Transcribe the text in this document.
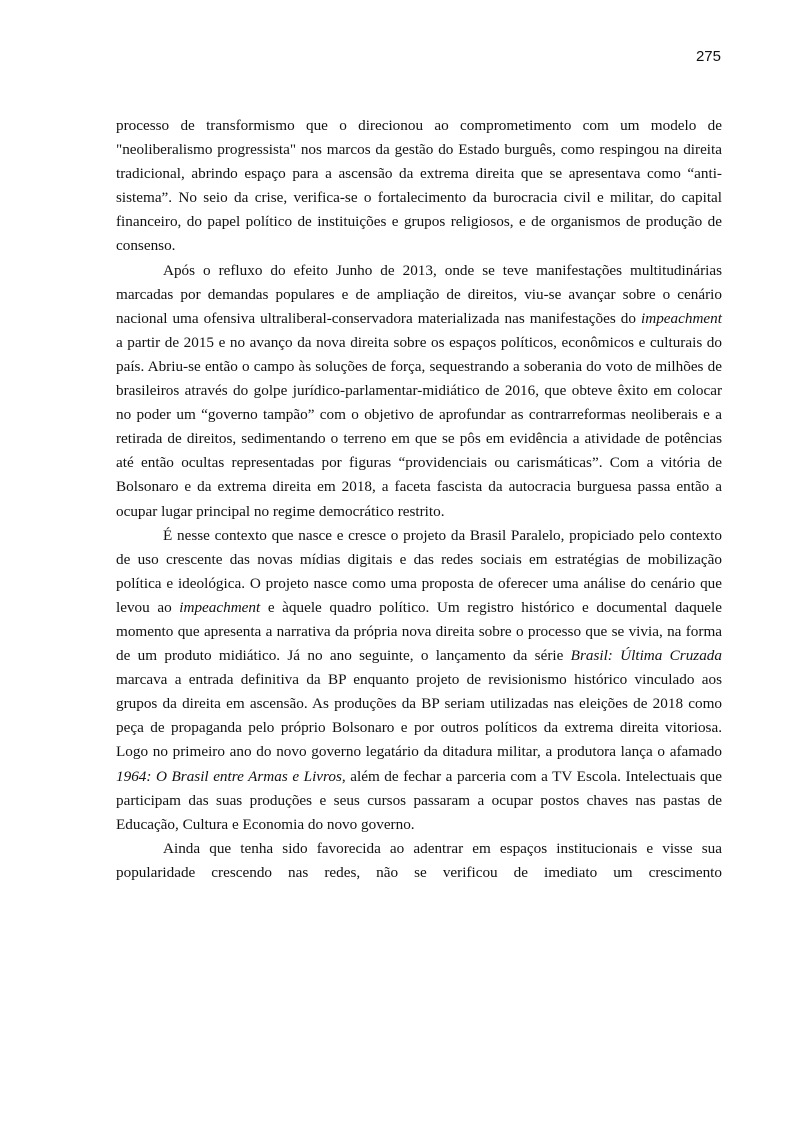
275

processo de transformismo que o direcionou ao comprometimento com um modelo de "neoliberalismo progressista" nos marcos da gestão do Estado burguês, como respingou na direita tradicional, abrindo espaço para a ascensão da extrema direita que se apresentava como “anti-sistema”. No seio da crise, verifica-se o fortalecimento da burocracia civil e militar, do capital financeiro, do papel político de instituições e grupos religiosos, e de organismos de produção de consenso.

Após o refluxo do efeito Junho de 2013, onde se teve manifestações multitudinárias marcadas por demandas populares e de ampliação de direitos, viu-se avançar sobre o cenário nacional uma ofensiva ultraliberal-conservadora materializada nas manifestações do impeachment a partir de 2015 e no avanço da nova direita sobre os espaços políticos, econômicos e culturais do país. Abriu-se então o campo às soluções de força, sequestrando a soberania do voto de milhões de brasileiros através do golpe jurídico-parlamentar-midiático de 2016, que obteve êxito em colocar no poder um “governo tampão” com o objetivo de aprofundar as contrarreformas neoliberais e a retirada de direitos, sedimentando o terreno em que se pôs em evidência a atividade de potências até então ocultas representadas por figuras “providenciais ou carismáticas”. Com a vitória de Bolsonaro e da extrema direita em 2018, a faceta fascista da autocracia burguesa passa então a ocupar lugar principal no regime democrático restrito.

É nesse contexto que nasce e cresce o projeto da Brasil Paralelo, propiciado pelo contexto de uso crescente das novas mídias digitais e das redes sociais em estratégias de mobilização política e ideológica. O projeto nasce como uma proposta de oferecer uma análise do cenário que levou ao impeachment e àquele quadro político. Um registro histórico e documental daquele momento que apresenta a narrativa da própria nova direita sobre o processo que se vivia, na forma de um produto midiático. Já no ano seguinte, o lançamento da série Brasil: Última Cruzada marcava a entrada definitiva da BP enquanto projeto de revisionismo histórico vinculado aos grupos da direita em ascensão. As produções da BP seriam utilizadas nas eleições de 2018 como peça de propaganda pelo próprio Bolsonaro e por outros políticos da extrema direita vitoriosa. Logo no primeiro ano do novo governo legatário da ditadura militar, a produtora lança o afamado 1964: O Brasil entre Armas e Livros, além de fechar a parceria com a TV Escola. Intelectuais que participam das suas produções e seus cursos passaram a ocupar postos chaves nas pastas de Educação, Cultura e Economia do novo governo.

Ainda que tenha sido favorecida ao adentrar em espaços institucionais e visse sua popularidade crescendo nas redes, não se verificou de imediato um crescimento
